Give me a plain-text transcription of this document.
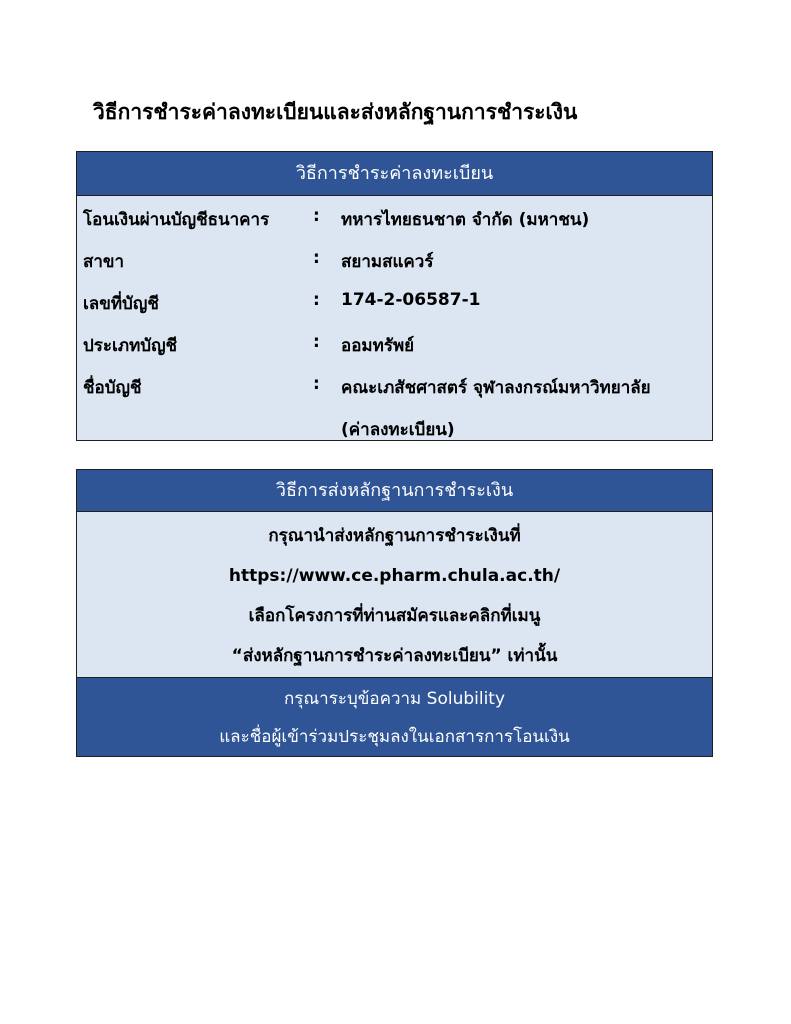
วิธีการชำระค่าลงทะเบียนและส่งหลักฐานการชำระเงิน
วิธีการชำระค่าลงทะเบียน
โอนเงินผ่านบัญชีธนาคาร	: ทหารไทยธนชาต จำกัด (มหาชน)
สาขา	: สยามสแควร์
เลขที่บัญชี	: 174-2-06587-1
ประเภทบัญชี	: ออมทรัพย์
ชื่อบัญชี	: คณะเภสัชศาสตร์ จุฬาลงกรณ์มหาวิทยาลัย
(ค่าลงทะเบียน)
วิธีการส่งหลักฐานการชำระเงิน
กรุณานำส่งหลักฐานการชำระเงินที่
https://www.ce.pharm.chula.ac.th/
เลือกโครงการที่ท่านสมัครและคลิกที่เมนู
“ส่งหลักฐานการชำระค่าลงทะเบียน” เท่านั้น
กรุณาระบุข้อความ Solubility
และชื่อผู้เข้าร่วมประชุมลงในเอกสารการโอนเงิน
